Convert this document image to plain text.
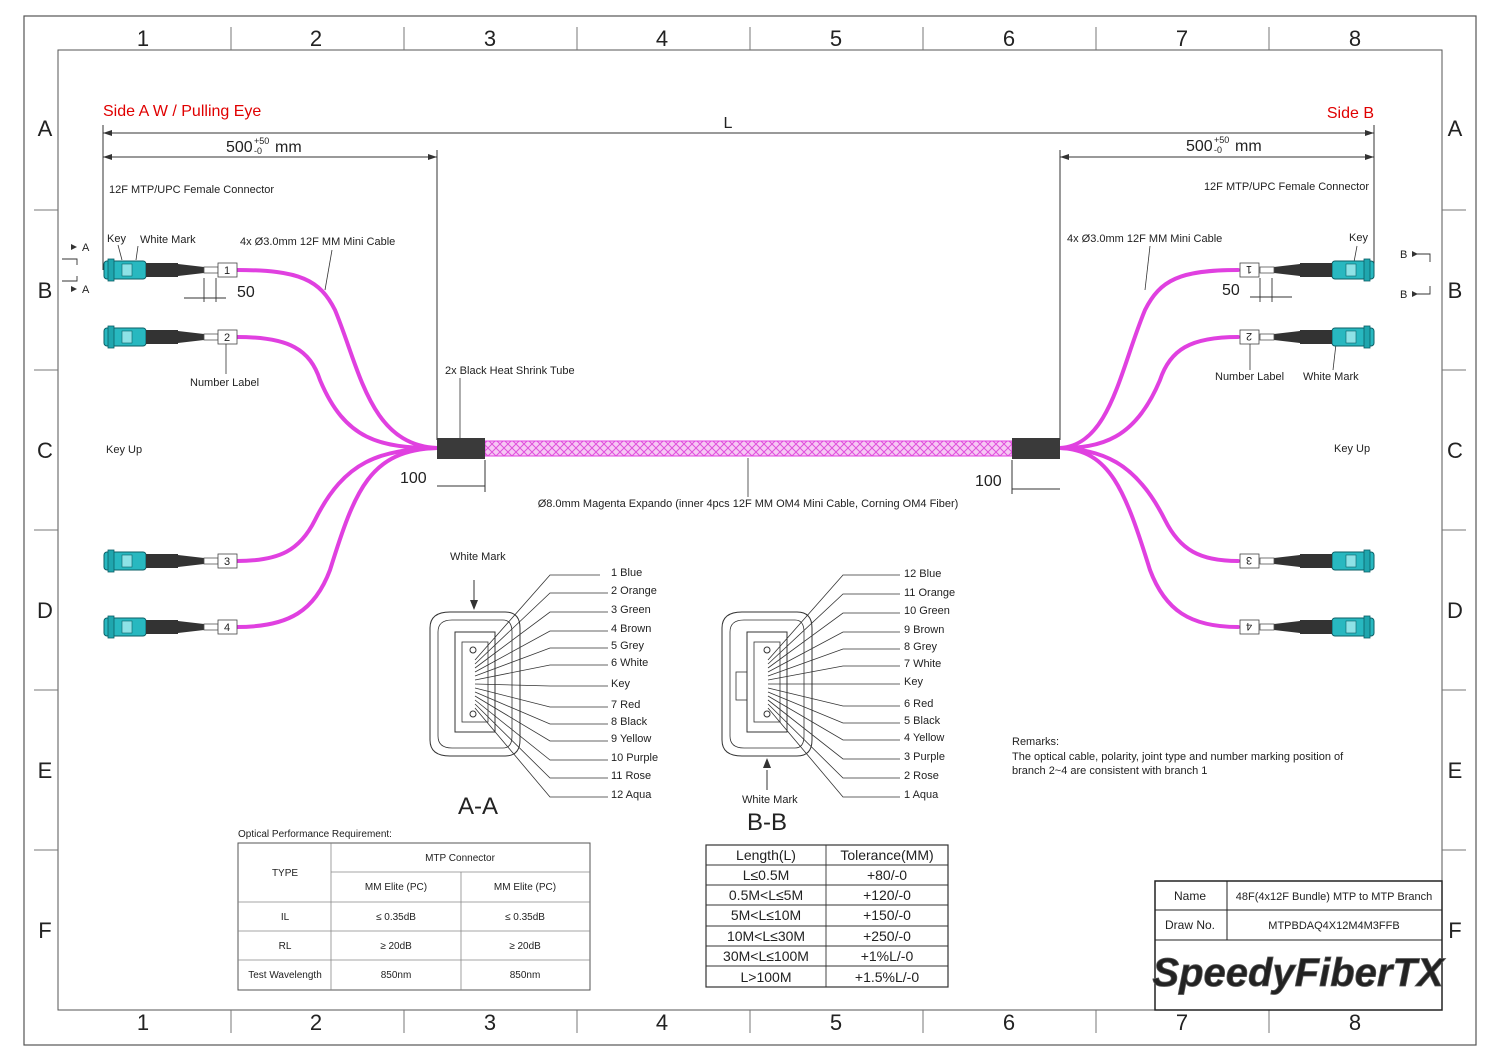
1	2	3	4	5	6	7	8
1	2	3	4	5	6	7	8
A
B
C
D
E
F
A
B
C
D
E
F
Side A W / Pulling Eye	Side B
L
500 +50
-0 mm	500 +50
-0 mm
12F MTP/UPC Female Connector	12F MTP/UPC Female Connector
Key White Mark	Key
4x Ø3.0mm 12F MM Mini Cable	4x Ø3.0mm 12F MM Mini Cable
Number Label	Number Label White Mark
2x Black Heat Shrink Tube
Key Up	Key Up
Ø8.0mm Magenta Expando (inner 4pcs 12F MM OM4 Mini Cable, Corning OM4 Fiber)
A
A
B
B
100	100
50	50
1
2
3
4
1
2
3
4
White Mark
1 Blue
2 Orange
3 Green
4 Brown
5 Grey
6 White
Key
7 Red
8 Black
9 Yellow
10 Purple
11 Rose
12 Aqua
A-A	White Mark
12 Blue
11 Orange
10 Green
9 Brown
8 Grey
7 White
Key
6 Red
5 Black
4 Yellow
3 Purple
2 Rose
1 Aqua
B-B
Remarks:
The optical cable, polarity, joint type and number marking position of
branch 2~4 are consistent with branch 1
Optical Performance Requirement:
TYPE
MTP Connector
MM Elite (PC)	MM Elite (PC)
IL	≤ 0.35dB	≤ 0.35dB
RL	≥ 20dB	≥ 20dB
Test Wavelength	850nm	850nm
Length(L)	Tolerance(MM)
L≤0.5M	+80/-0
0.5M<L≤5M	+120/-0
5M<L≤10M	+150/-0
10M<L≤30M	+250/-0
30M<L≤100M	+1%L/-0
L>100M	+1.5%L/-0
Name	48F(4x12F Bundle) MTP to MTP Branch
Draw No.	MTPBDAQ4X12M4M3FFB
SpeedyFiberTX
